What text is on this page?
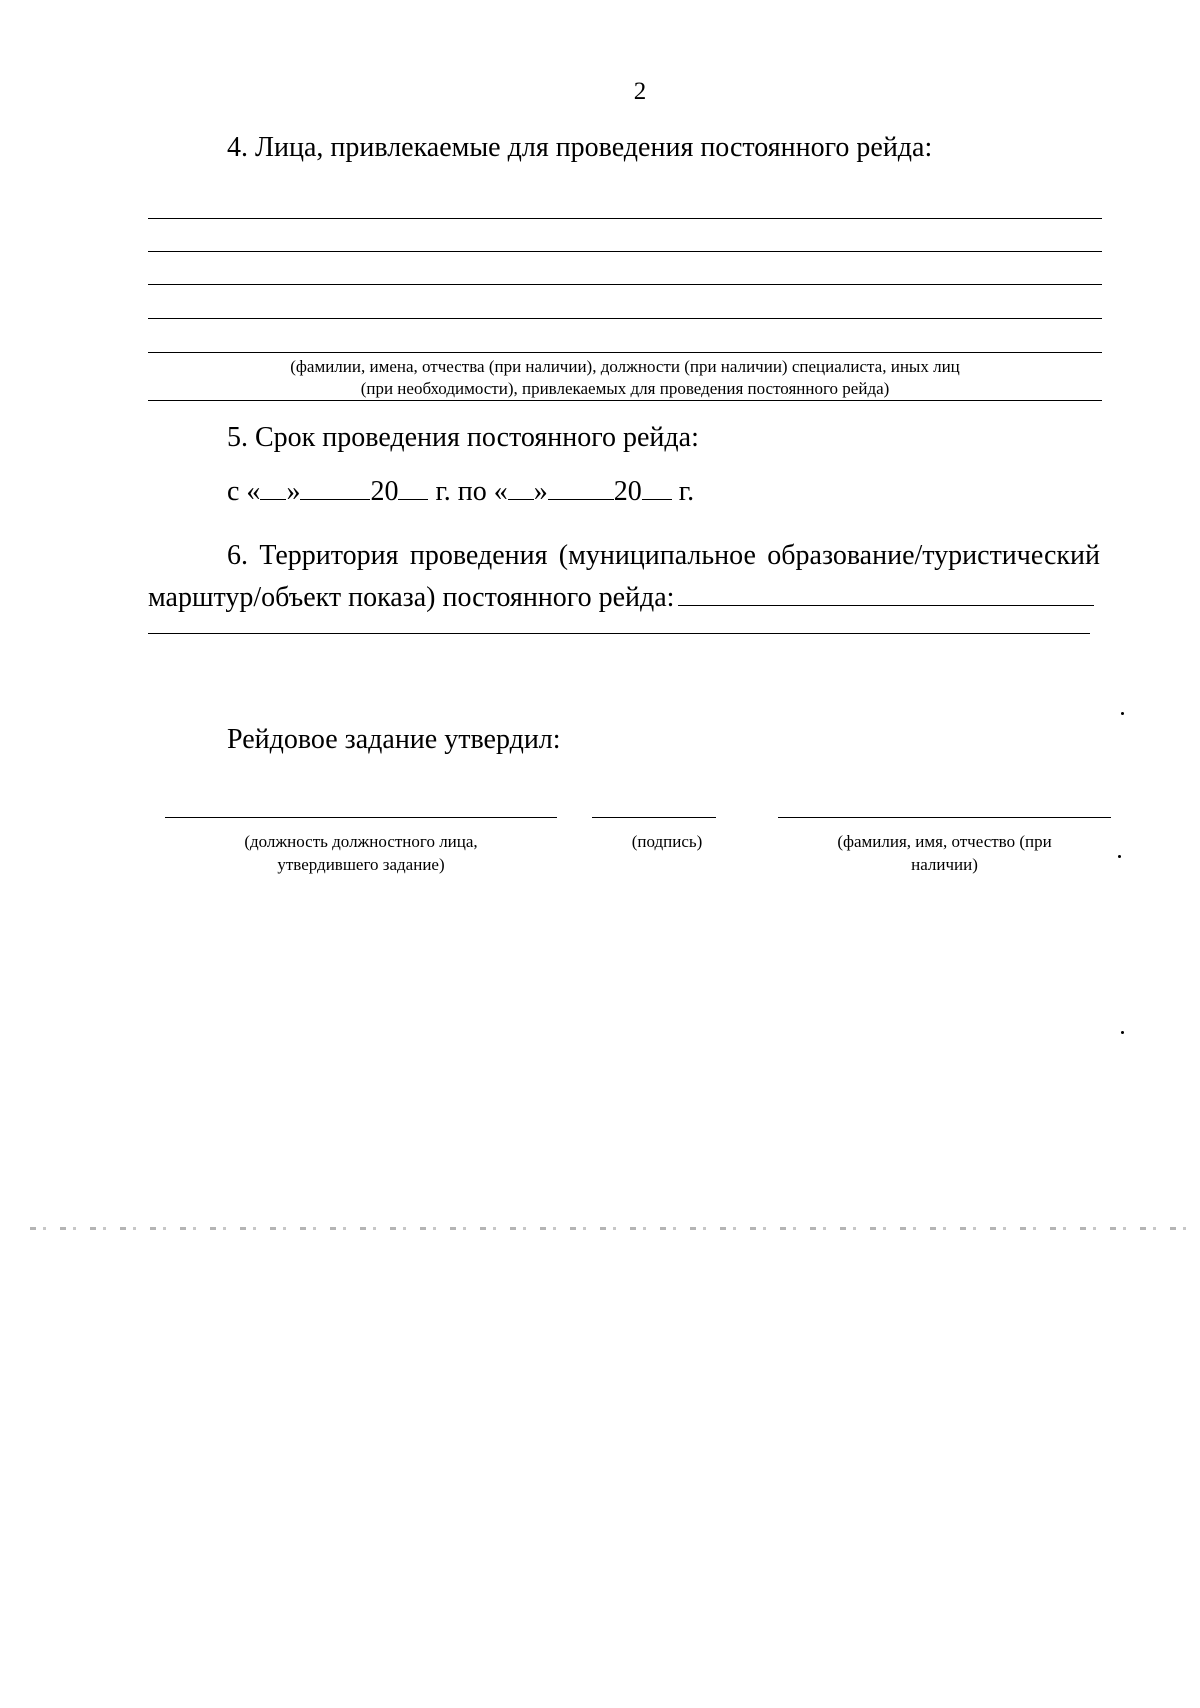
2
4. Лица, привлекаемые для проведения постоянного рейда:
(фамилии, имена, отчества (при наличии), должности (при наличии) специалиста, иных лиц
(при необходимости), привлекаемых для проведения постоянного рейда)
5. Срок проведения постоянного рейда:
с « »	20 г. по « » 20 г.
6. Территория проведения (муниципальное образование/туристический марштур/объект показа) постоянного рейда:
Рейдовое задание утвердил:
(должность должностного лица,
утвердившего задание)
(подпись)	(фамилия, имя, отчество (при
наличии)
